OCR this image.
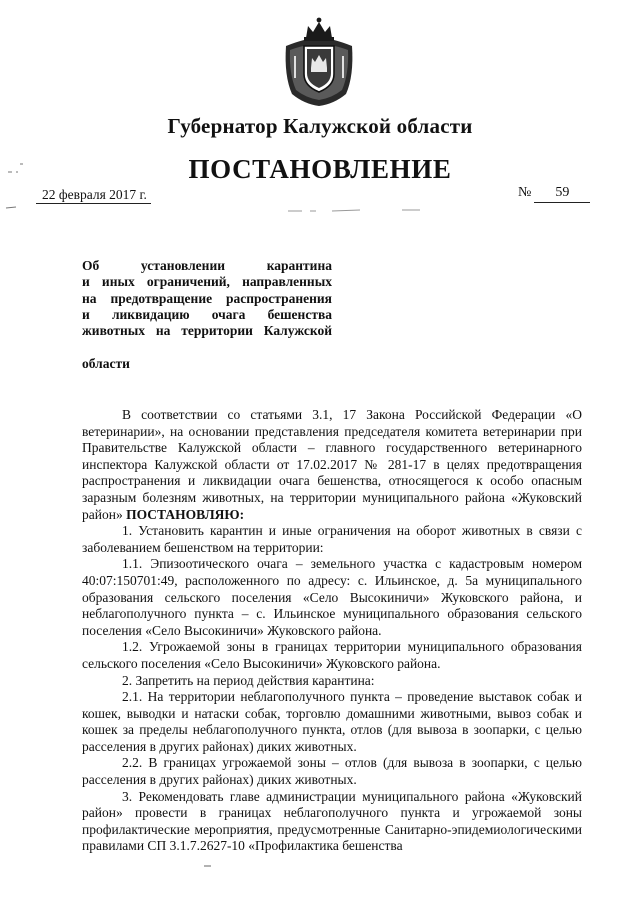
Губернатор Калужской области
ПОСТАНОВЛЕНИЕ
22 февраля 2017 г.	№ 59
Об установлении карантина
и иных ограничений, направленных
на предотвращение распространения
и ликвидацию очага бешенства
животных на территории Калужской
области

В соответствии со статьями 3.1, 17 Закона Российской Федерации «О ветеринарии», на основании представления председателя комитета ветеринарии при Правительстве Калужской области – главного государственного ветеринарного инспектора Калужской области от 17.02.2017 № 281-17 в целях предотвращения распространения и ликвидации очага бешенства, относящегося к особо опасным заразным болезням животных, на территории муниципального района «Жуковский район» ПОСТАНОВЛЯЮ:

1. Установить карантин и иные ограничения на оборот животных в связи с заболеванием бешенством на территории:

1.1. Эпизоотического очага – земельного участка с кадастровым номером 40:07:150701:49, расположенного по адресу: с. Ильинское, д. 5а муниципального образования сельского поселения «Село Высокиничи» Жуковского района, и неблагополучного пункта – с. Ильинское муниципального образования сельского поселения «Село Высокиничи» Жуковского района.

1.2. Угрожаемой зоны в границах территории муниципального образования сельского поселения «Село Высокиничи» Жуковского района.

2. Запретить на период действия карантина:

2.1. На территории неблагополучного пункта – проведение выставок собак и кошек, выводки и натаски собак, торговлю домашними животными, вывоз собак и кошек за пределы неблагополучного пункта, отлов (для вывоза в зоопарки, с целью расселения в других районах) диких животных.

2.2. В границах угрожаемой зоны – отлов (для вывоза в зоопарки, с целью расселения в других районах) диких животных.

3. Рекомендовать главе администрации муниципального района «Жуковский район» провести в границах неблагополучного пункта и угрожаемой зоны профилактические мероприятия, предусмотренные Санитарно-эпидемиологическими правилами СП 3.1.7.2627-10 «Профилактика бешенства
